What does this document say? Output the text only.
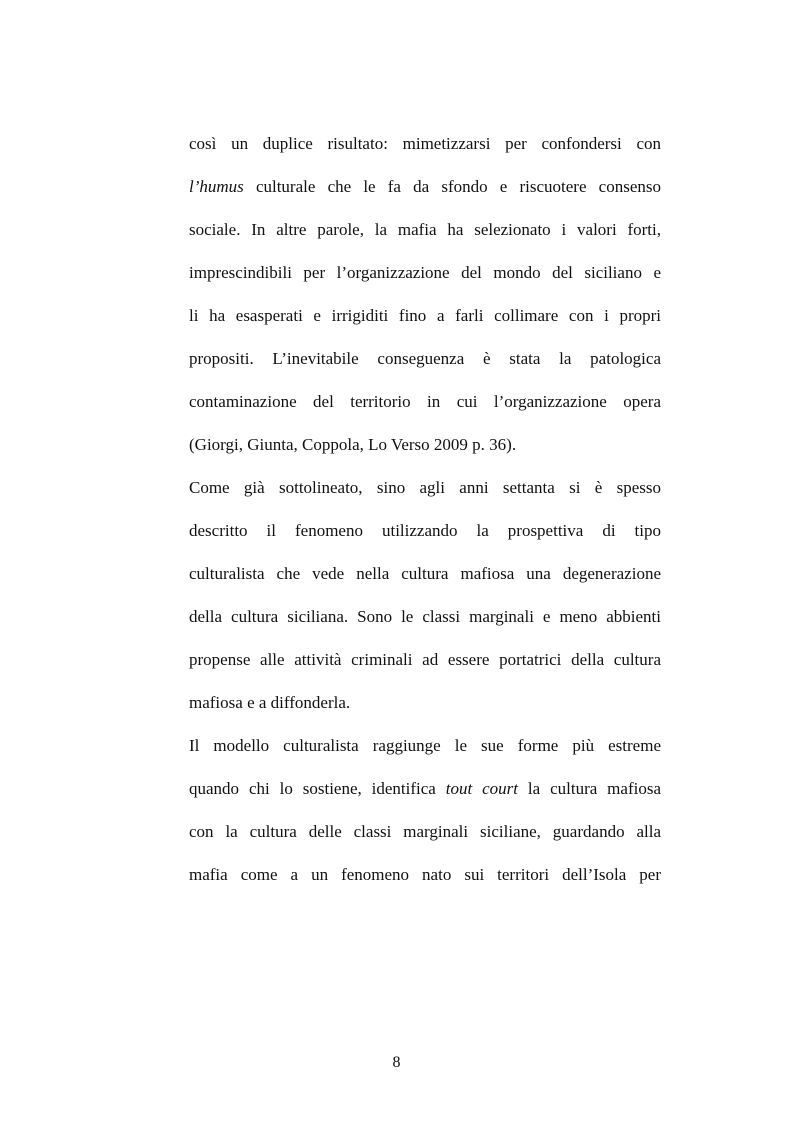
così un duplice risultato: mimetizzarsi per confondersi con
l’humus culturale che le fa da sfondo e riscuotere consenso
sociale. In altre parole, la mafia ha selezionato i valori forti,
imprescindibili per l’organizzazione del mondo del siciliano e
li ha esasperati e irrigiditi fino a farli collimare con i propri
propositi. L’inevitabile conseguenza è stata la patologica
contaminazione del territorio in cui l’organizzazione opera
(Giorgi, Giunta, Coppola, Lo Verso 2009 p. 36).
Come già sottolineato, sino agli anni settanta si è spesso
descritto il fenomeno utilizzando la prospettiva di tipo
culturalista che vede nella cultura mafiosa una degenerazione
della cultura siciliana. Sono le classi marginali e meno abbienti
propense alle attività criminali ad essere portatrici della cultura
mafiosa e a diffonderla.
Il modello culturalista raggiunge le sue forme più estreme
quando chi lo sostiene, identifica tout court la cultura mafiosa
con la cultura delle classi marginali siciliane, guardando alla
mafia come a un fenomeno nato sui territori dell’Isola per
8
